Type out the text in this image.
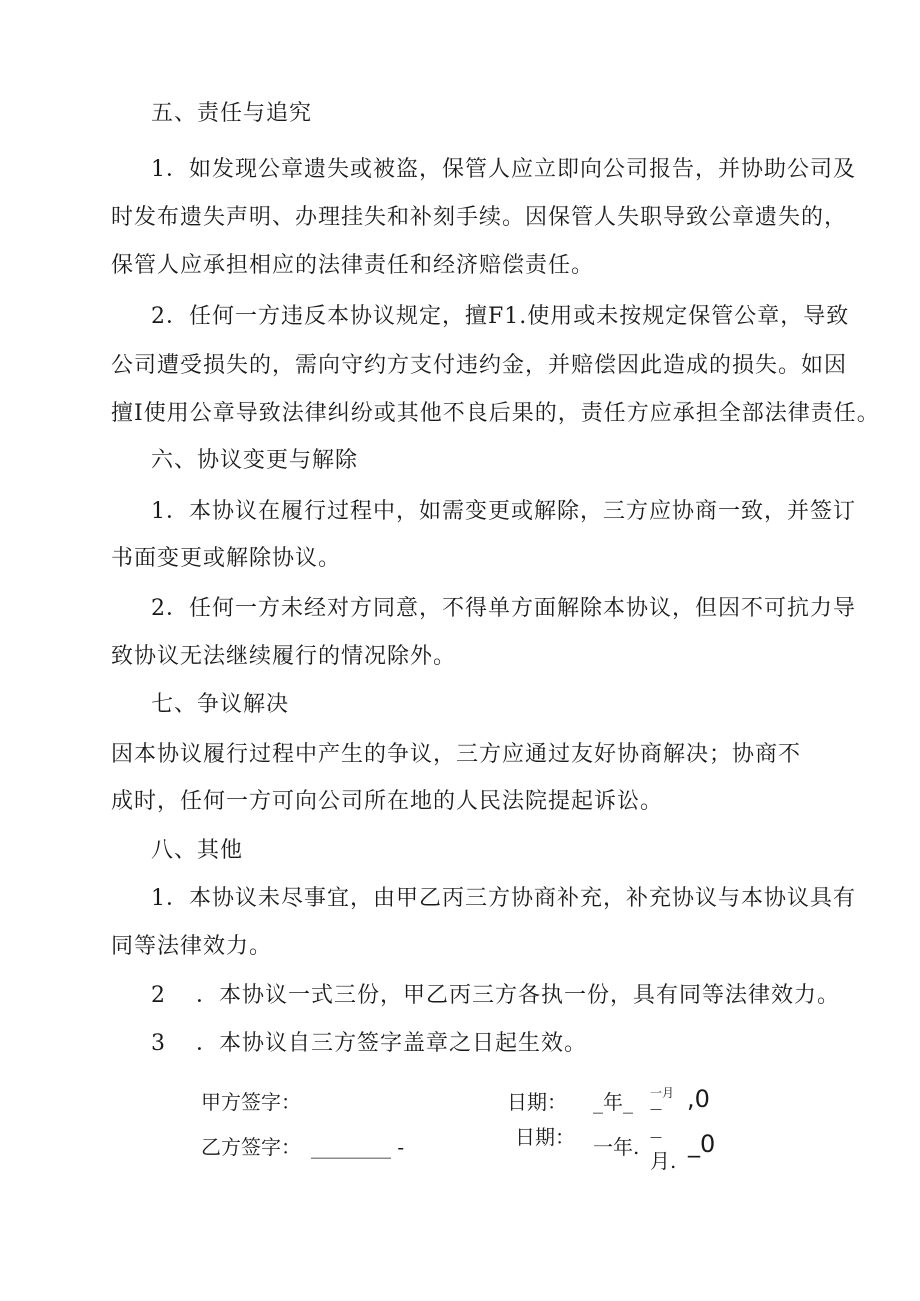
五、责任与追究
1．如发现公章遗失或被盗，保管人应立即向公司报告，并协助公司及
时发布遗失声明、办理挂失和补刻手续。因保管人失职导致公章遗失的，
保管人应承担相应的法律责任和经济赔偿责任。
2．任何一方违反本协议规定，擅F1.使用或未按规定保管公章，导致
公司遭受损失的，需向守约方支付违约金，并赔偿因此造成的损失。如因
擅I使用公章导致法律纠纷或其他不良后果的，责任方应承担全部法律责任。
六、协议变更与解除
1．本协议在履行过程中，如需变更或解除，三方应协商一致，并签订
书面变更或解除协议。
2．任何一方未经对方同意，不得单方面解除本协议，但因不可抗力导
致协议无法继续履行的情况除外。
七、争议解决
因本协议履行过程中产生的争议，三方应通过友好协商解决；协商不
成时，任何一方可向公司所在地的人民法院提起诉讼。
八、其他
1．本协议未尽事宜，由甲乙丙三方协商补充，补充协议与本协议具有
同等法律效力。
2 ．本协议一式三份，甲乙丙三方各执一份，具有同等法律效力。
3 ．本协议自三方签字盖章之日起生效。
甲方签字：	日期： _年_ 一月
— ,0
乙方签字： ________ -	日期： 一年. —
月.
_0
